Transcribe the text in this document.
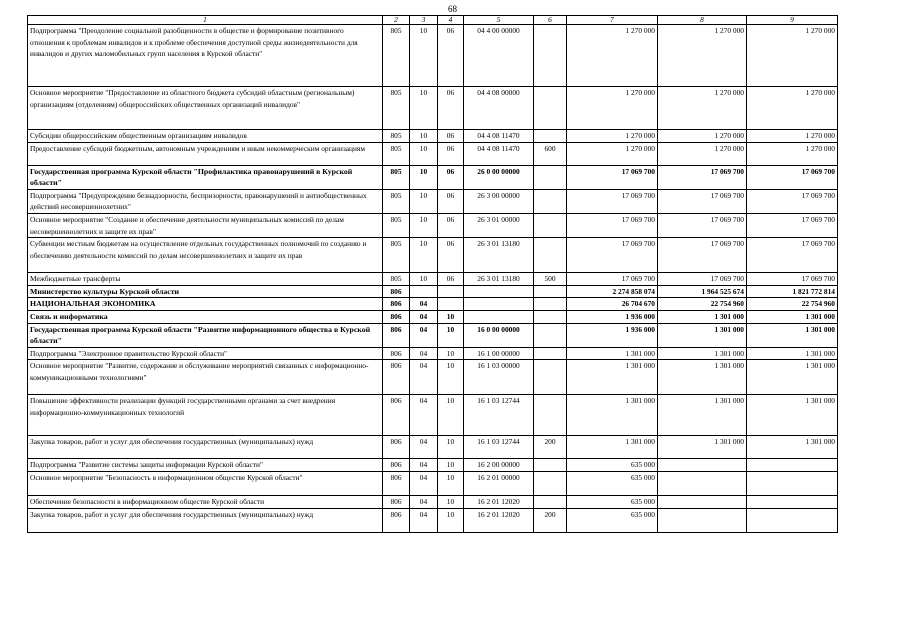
68
1	2	3	4	5	6	7	8	9
Подпрограмма "Преодоление социальной разобщенности в обществе и формирование позитивного отношения к проблемам инвалидов и к проблеме обеспечения доступной среды жизнедеятельности для инвалидов и других маломобильных групп населения в Курской области"	805	10	06	04 4 00 00000		1 270 000	1 270 000	1 270 000
Основное мероприятие "Предоставление из областного бюджета субсидий областным (региональным) организациям (отделениям) общероссийских общественных организаций инвалидов"	805	10	06	04 4 08 00000		1 270 000	1 270 000	1 270 000
Субсидии общероссийским общественным организациям инвалидов	805	10	06	04 4 08 11470		1 270 000	1 270 000	1 270 000
Предоставление субсидий бюджетным, автономным учреждениям и иным некоммерческим организациям	805	10	06	04 4 08 11470	600	1 270 000	1 270 000	1 270 000
Государственная программа Курской области "Профилактика правонарушений в Курской области"	805	10	06	26 0 00 00000		17 069 700	17 069 700	17 069 700
Подпрограмма "Предупреждение безнадзорности, беспризорности, правонарушений и антиобщественных действий несовершеннолетних"	805	10	06	26 3 00 00000		17 069 700	17 069 700	17 069 700
Основное мероприятие "Создание и обеспечение деятельности муниципальных комиссий по делам несовершеннолетних и защите их прав"	805	10	06	26 3 01 00000		17 069 700	17 069 700	17 069 700
Субвенции местным бюджетам на осуществление отдельных государственных полномочий по созданию и обеспечению деятельности комиссий по делам несовершеннолетних и защите их прав	805	10	06	26 3 01 13180		17 069 700	17 069 700	17 069 700
Межбюджетные трансферты	805	10	06	26 3 01 13180	500	17 069 700	17 069 700	17 069 700
Министерство культуры Курской области	806					2 274 858 074	1 964 525 674	1 821 772 814
НАЦИОНАЛЬНАЯ ЭКОНОМИКА	806	04				26 704 670	22 754 960	22 754 960
Связь и информатика	806	04	10			1 936 000	1 301 000	1 301 000
Государственная программа Курской области "Развитие информационного общества в Курской области"	806	04	10	16 0 00 00000		1 936 000	1 301 000	1 301 000
Подпрограмма "Электронное правительство Курской области"	806	04	10	16 1 00 00000		1 301 000	1 301 000	1 301 000
Основное мероприятие "Развитие, содержание и обслуживание мероприятий связанных с информационно-коммуникационными технологиями"	806	04	10	16 1 03 00000		1 301 000	1 301 000	1 301 000
Повышение эффективности реализации функций государственными органами за счет внедрения информационно-коммуникационных технологий	806	04	10	16 1 03 12744		1 301 000	1 301 000	1 301 000
Закупка товаров, работ и услуг для обеспечения государственных (муниципальных) нужд	806	04	10	16 1 03 12744	200	1 301 000	1 301 000	1 301 000
Подпрограмма "Развитие системы защиты информации Курской области"	806	04	10	16 2 00 00000		635 000		
Основное мероприятие "Безопасность в информационном обществе Курской области"	806	04	10	16 2 01 00000		635 000		
Обеспечение безопасности в информационном обществе Курской области	806	04	10	16 2 01 12020		635 000		
Закупка товаров, работ и услуг для обеспечения государственных (муниципальных) нужд	806	04	10	16 2 01 12020	200	635 000		
